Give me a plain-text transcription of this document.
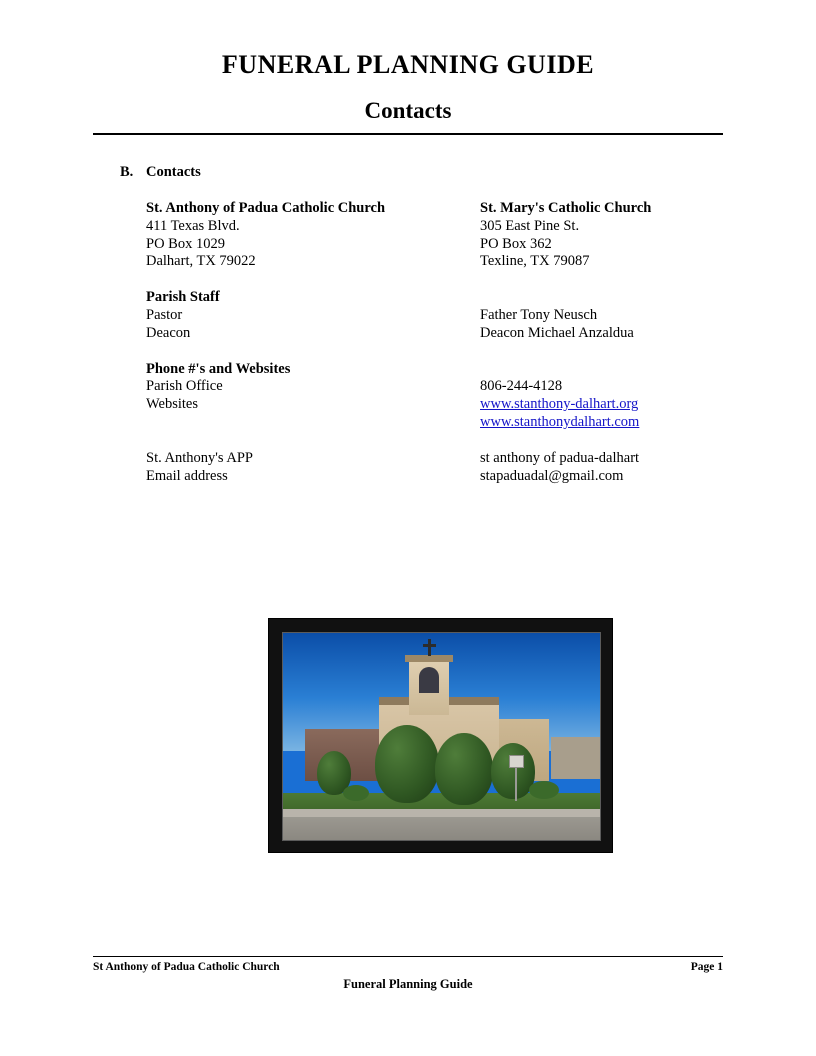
FUNERAL PLANNING GUIDE
Contacts
B. Contacts
St. Anthony of Padua Catholic Church	St. Mary's Catholic Church
411 Texas Blvd.	305 East Pine St.
PO Box 1029	PO Box 362
Dalhart, TX 79022	Texline, TX 79087
Parish Staff
Pastor	Father Tony Neusch
Deacon	Deacon Michael Anzaldua
Phone #'s and Websites
Parish Office	806-244-4128
Websites	www.stanthony-dalhart.org
www.stanthonydalhart.com
St. Anthony's APP	st anthony of padua-dalhart
Email address	stapaduadal@gmail.com
St Anthony of Padua Catholic Church	Page 1
Funeral Planning Guide
